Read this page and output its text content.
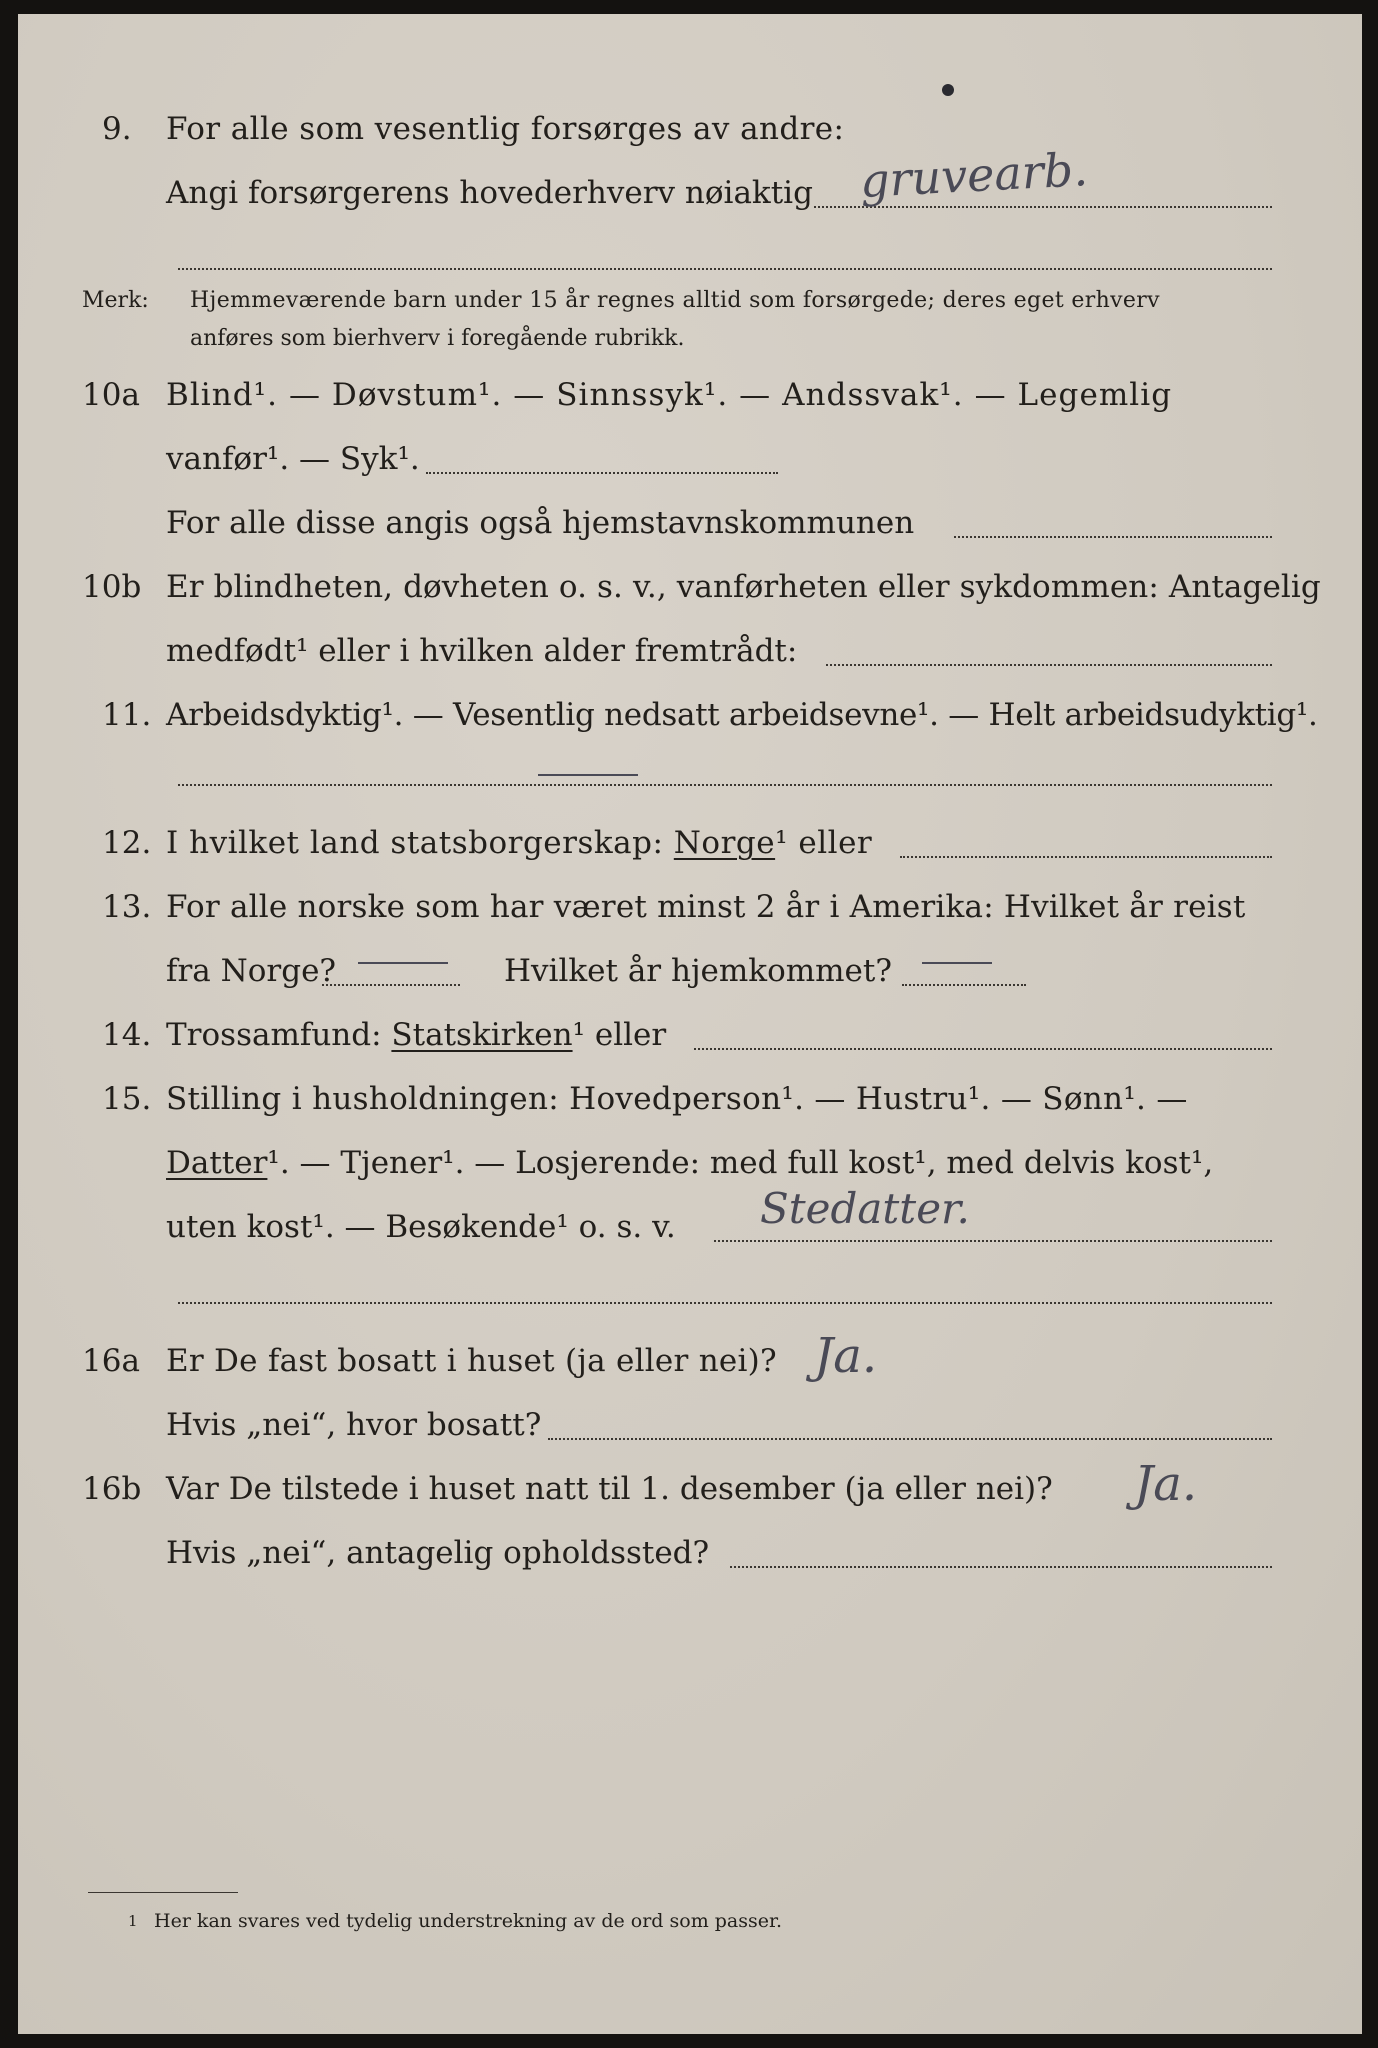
9. For alle som vesentlig forsørges av andre:
Angi forsørgerens hovederhverv nøiaktig gruvearb.
Merk: Hjemmeværende barn under 15 år regnes alltid som forsørgede; deres eget erhverv
anføres som bierhverv i foregående rubrikk.
10a Blind¹. — Døvstum¹. — Sinnssyk¹. — Andssvak¹. — Legemlig
vanfør¹. — Syk¹.
For alle disse angis også hjemstavnskommunen
10b Er blindheten, døvheten o. s. v., vanførheten eller sykdommen: Antagelig
medfødt¹ eller i hvilken alder fremtrådt:
11. Arbeidsdyktig¹. — Vesentlig nedsatt arbeidsevne¹. — Helt arbeidsudyktig¹.
12. I hvilket land statsborgerskap: Norge¹ eller
13. For alle norske som har været minst 2 år i Amerika: Hvilket år reist
fra Norge?	Hvilket år hjemkommet?
14. Trossamfund: Statskirken¹ eller
15. Stilling i husholdningen: Hovedperson¹. — Hustru¹. — Sønn¹. —
Datter¹. — Tjener¹. — Losjerende: med full kost¹, med delvis kost¹,
uten kost¹. — Besøkende¹ o. s. v. Stedatter.
16a Er De fast bosatt i huset (ja eller nei)? Ja.
Hvis „nei“, hvor bosatt?
16b Var De tilstede i huset natt til 1. desember (ja eller nei)? Ja.
Hvis „nei“, antagelig opholdssted?
1 Her kan svares ved tydelig understrekning av de ord som passer.
